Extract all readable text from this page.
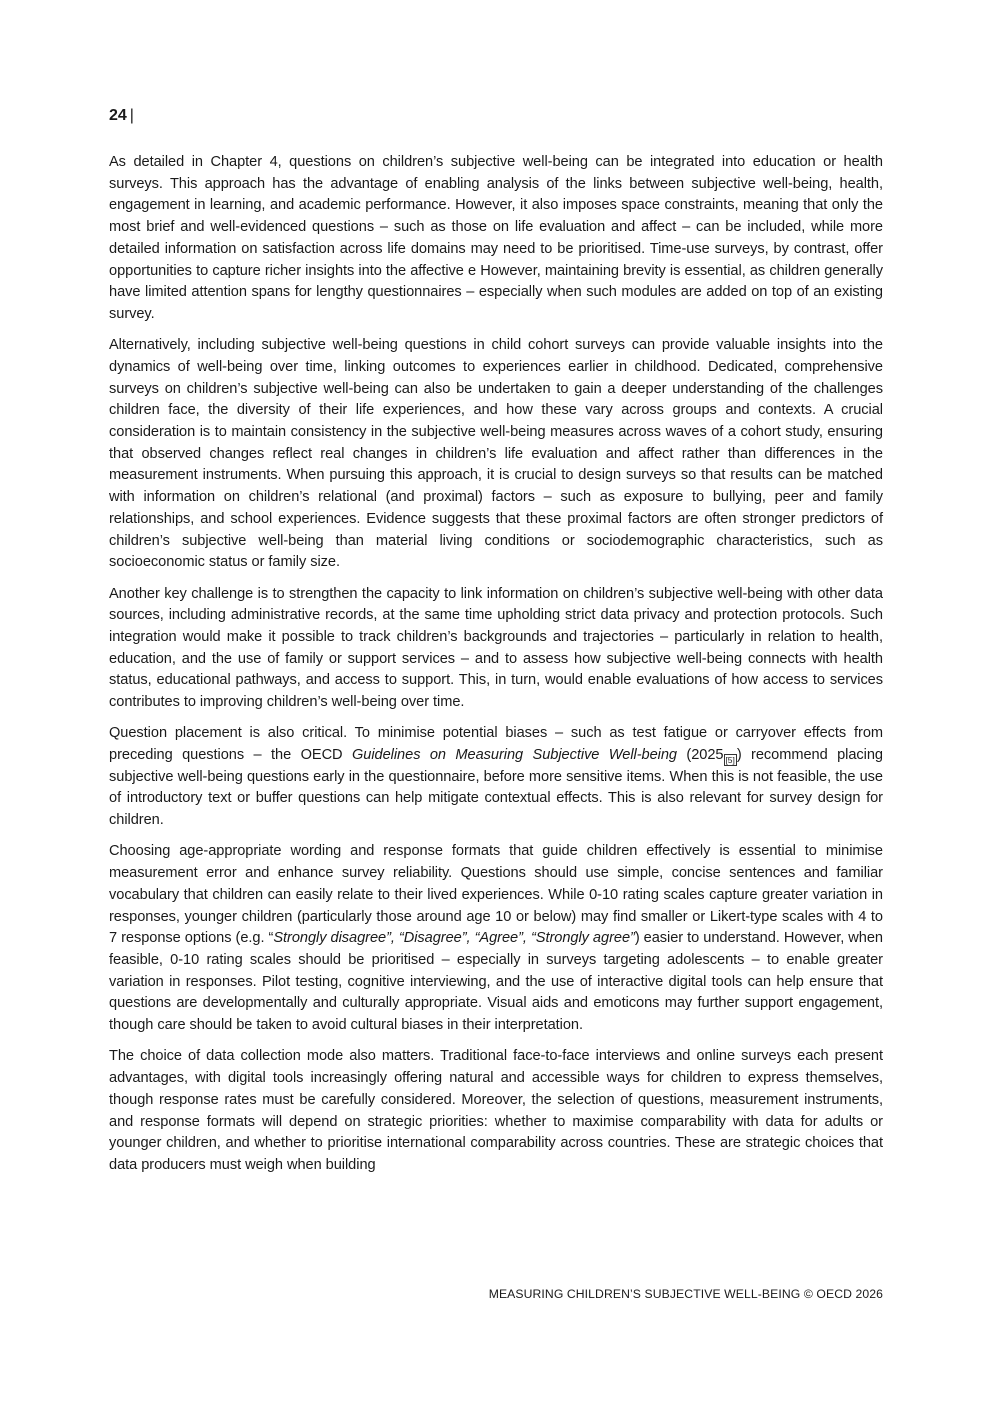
24 |

As detailed in Chapter 4, questions on children’s subjective well-being can be integrated into education or health surveys. This approach has the advantage of enabling analysis of the links between subjective well-being, health, engagement in learning, and academic performance. However, it also imposes space constraints, meaning that only the most brief and well-evidenced questions – such as those on life evaluation and affect – can be included, while more detailed information on satisfaction across life domains may need to be prioritised. Time-use surveys, by contrast, offer opportunities to capture richer insights into the affective e However, maintaining brevity is essential, as children generally have limited attention spans for lengthy questionnaires – especially when such modules are added on top of an existing survey.

Alternatively, including subjective well-being questions in child cohort surveys can provide valuable insights into the dynamics of well-being over time, linking outcomes to experiences earlier in childhood. Dedicated, comprehensive surveys on children’s subjective well-being can also be undertaken to gain a deeper understanding of the challenges children face, the diversity of their life experiences, and how these vary across groups and contexts. A crucial consideration is to maintain consistency in the subjective well-being measures across waves of a cohort study, ensuring that observed changes reflect real changes in children’s life evaluation and affect rather than differences in the measurement instruments. When pursuing this approach, it is crucial to design surveys so that results can be matched with information on children’s relational (and proximal) factors – such as exposure to bullying, peer and family relationships, and school experiences. Evidence suggests that these proximal factors are often stronger predictors of children’s subjective well-being than material living conditions or sociodemographic characteristics, such as socioeconomic status or family size.

Another key challenge is to strengthen the capacity to link information on children’s subjective well-being with other data sources, including administrative records, at the same time upholding strict data privacy and protection protocols. Such integration would make it possible to track children’s backgrounds and trajectories – particularly in relation to health, education, and the use of family or support services – and to assess how subjective well-being connects with health status, educational pathways, and access to support. This, in turn, would enable evaluations of how access to services contributes to improving children’s well-being over time.

Question placement is also critical. To minimise potential biases – such as test fatigue or carryover effects from preceding questions – the OECD Guidelines on Measuring Subjective Well-being (2025 $_{[5]}$ ) recommend placing subjective well-being questions early in the questionnaire, before more sensitive items. When this is not feasible, the use of introductory text or buffer questions can help mitigate contextual effects. This is also relevant for survey design for children.

Choosing age-appropriate wording and response formats that guide children effectively is essential to minimise measurement error and enhance survey reliability. Questions should use simple, concise sentences and familiar vocabulary that children can easily relate to their lived experiences. While 0-10 rating scales capture greater variation in responses, younger children (particularly those around age 10 or below) may find smaller or Likert-type scales with 4 to 7 response options (e.g. “Strongly disagree”, “Disagree”, “Agree”, “Strongly agree”) easier to understand. However, when feasible, 0-10 rating scales should be prioritised – especially in surveys targeting adolescents – to enable greater variation in responses. Pilot testing, cognitive interviewing, and the use of interactive digital tools can help ensure that questions are developmentally and culturally appropriate. Visual aids and emoticons may further support engagement, though care should be taken to avoid cultural biases in their interpretation.

The choice of data collection mode also matters. Traditional face-to-face interviews and online surveys each present advantages, with digital tools increasingly offering natural and accessible ways for children to express themselves, though response rates must be carefully considered. Moreover, the selection of questions, measurement instruments, and response formats will depend on strategic priorities: whether to maximise comparability with data for adults or younger children, and whether to prioritise international comparability across countries. These are strategic choices that data producers must weigh when building

MEASURING CHILDREN’S SUBJECTIVE WELL-BEING © OECD 2026
